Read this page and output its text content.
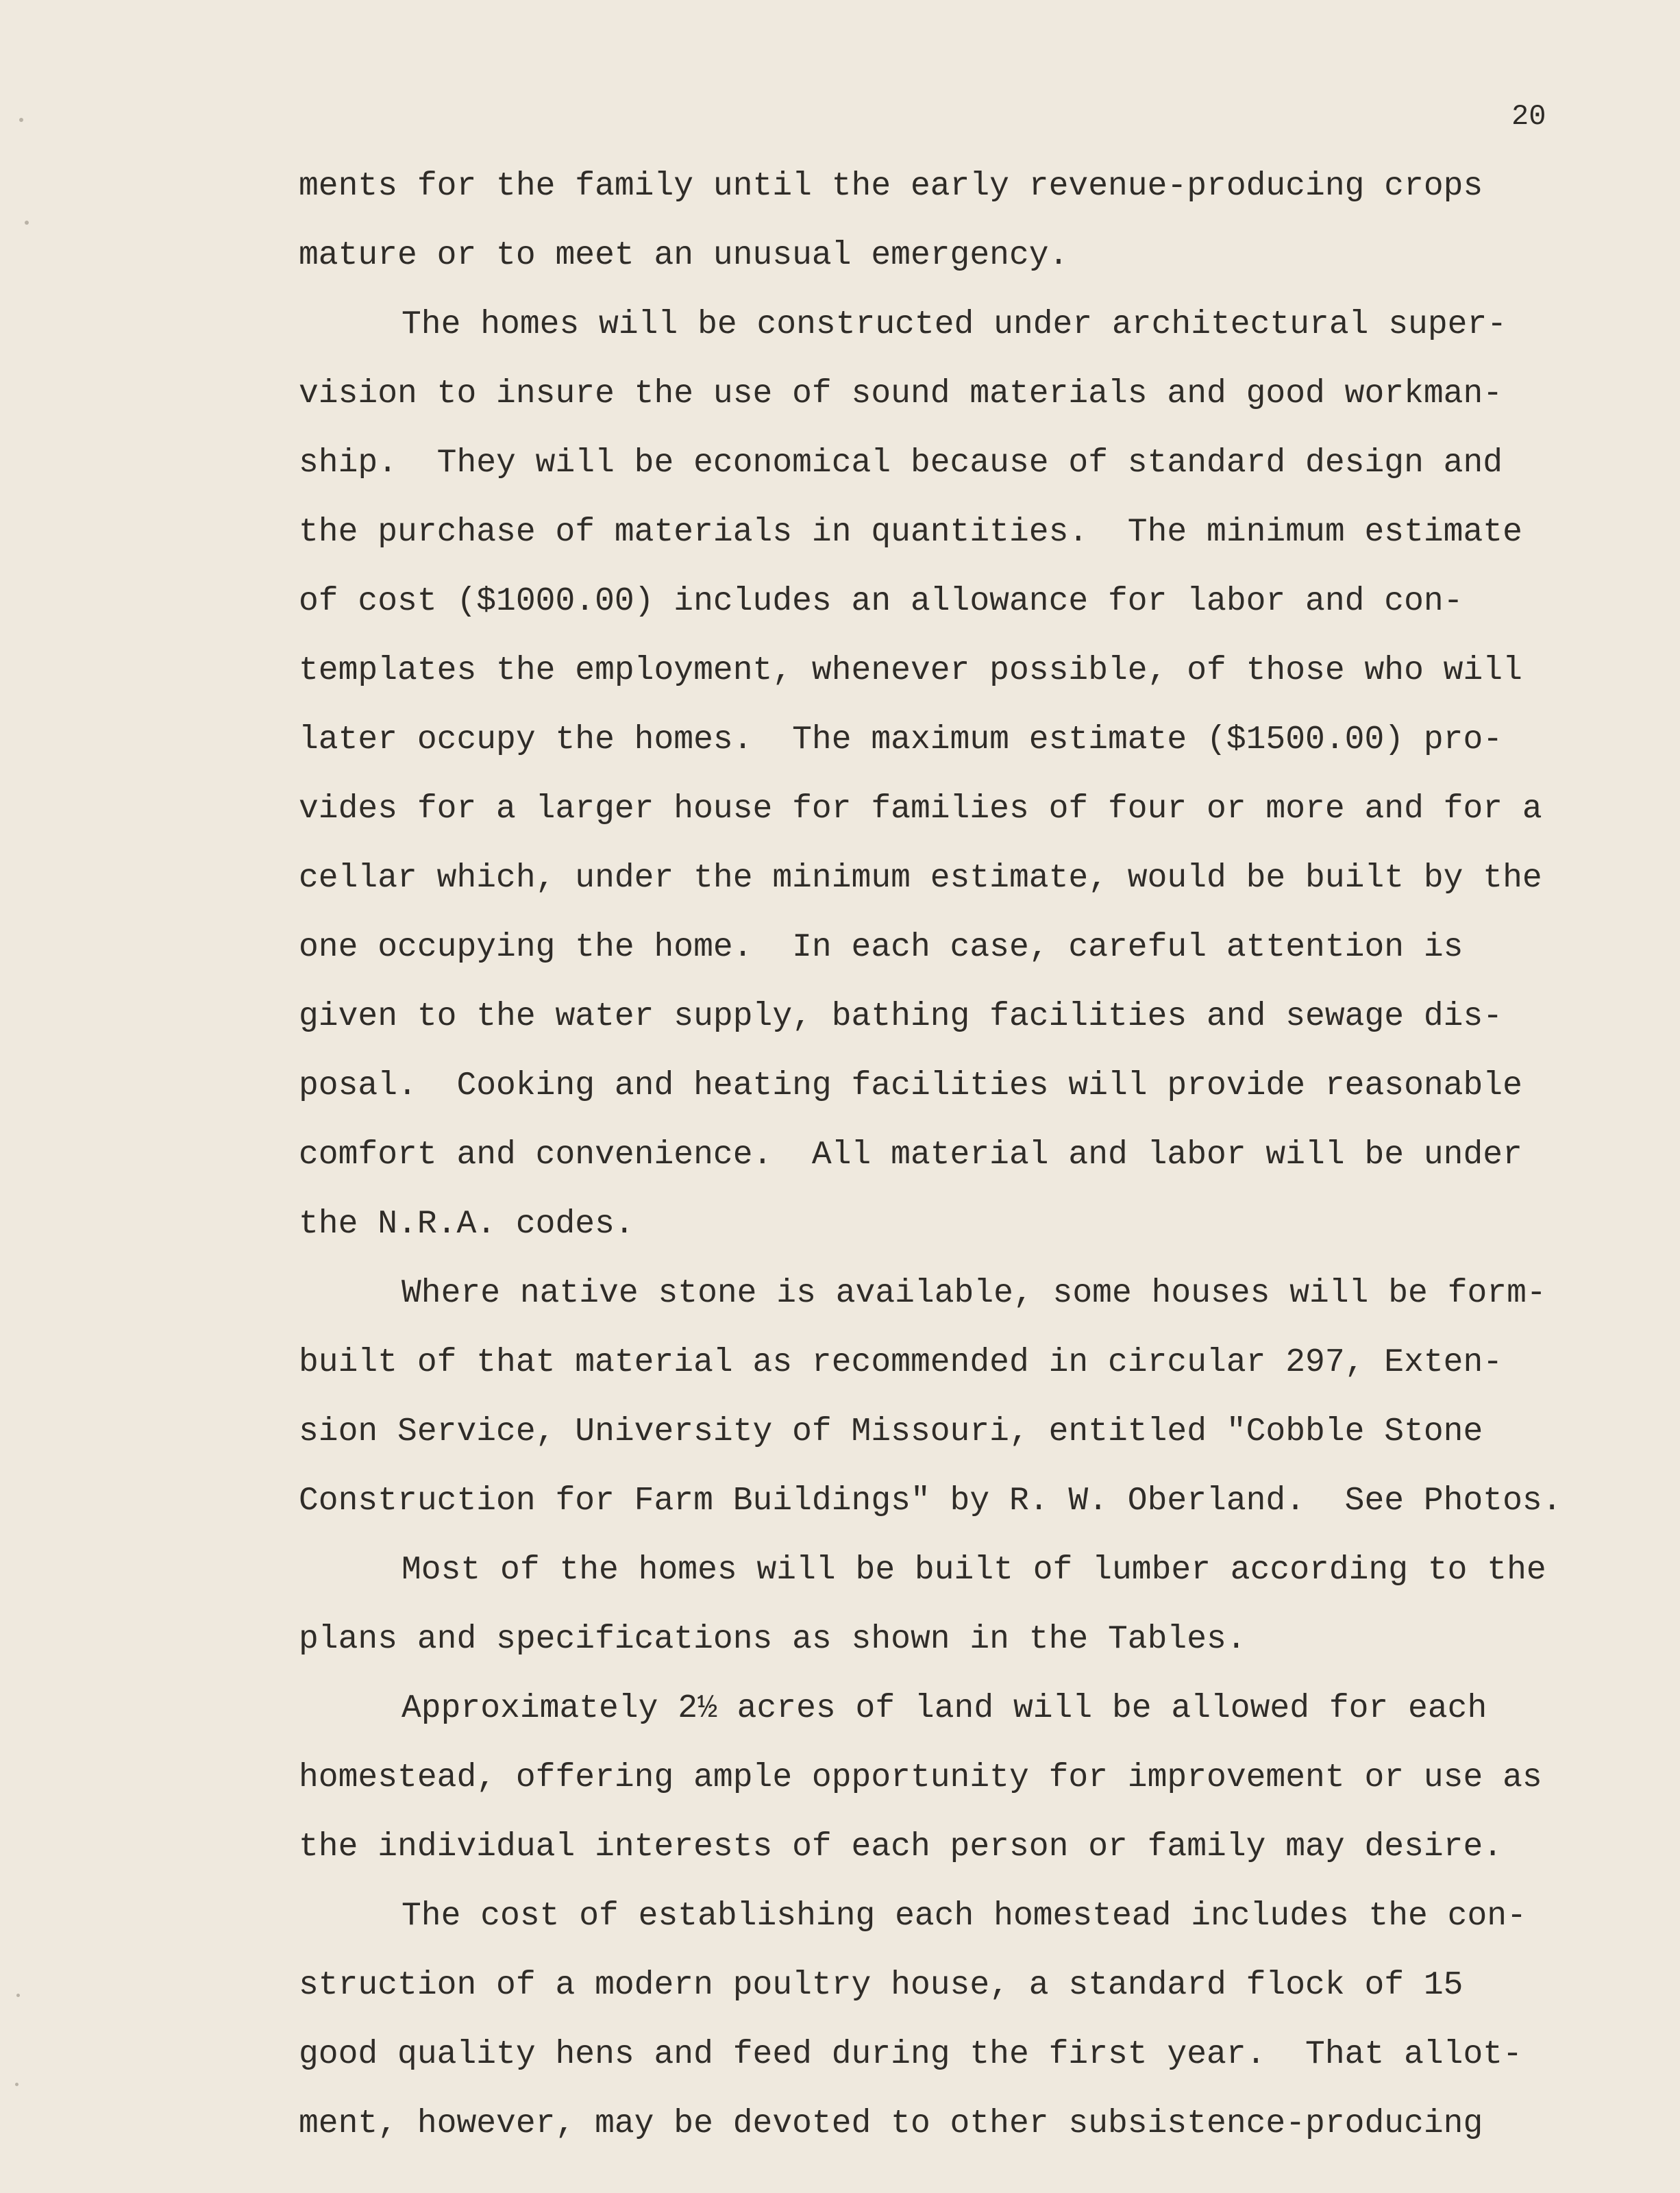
20
ments for the family until the early revenue-producing crops
mature or to meet an unusual emergency.
The homes will be constructed under architectural super-
vision to insure the use of sound materials and good workman-
ship.  They will be economical because of standard design and
the purchase of materials in quantities.  The minimum estimate
of cost ($1000.00) includes an allowance for labor and con-
templates the employment, whenever possible, of those who will
later occupy the homes.  The maximum estimate ($1500.00) pro-
vides for a larger house for families of four or more and for a
cellar which, under the minimum estimate, would be built by the
one occupying the home.  In each case, careful attention is
given to the water supply, bathing facilities and sewage dis-
posal.  Cooking and heating facilities will provide reasonable
comfort and convenience.  All material and labor will be under
the N.R.A. codes.
Where native stone is available, some houses will be form-
built of that material as recommended in circular 297, Exten-
sion Service, University of Missouri, entitled "Cobble Stone
Construction for Farm Buildings" by R. W. Oberland.  See Photos.
Most of the homes will be built of lumber according to the
plans and specifications as shown in the Tables.
Approximately 2½ acres of land will be allowed for each
homestead, offering ample opportunity for improvement or use as
the individual interests of each person or family may desire.
The cost of establishing each homestead includes the con-
struction of a modern poultry house, a standard flock of 15
good quality hens and feed during the first year.  That allot-
ment, however, may be devoted to other subsistence-producing
